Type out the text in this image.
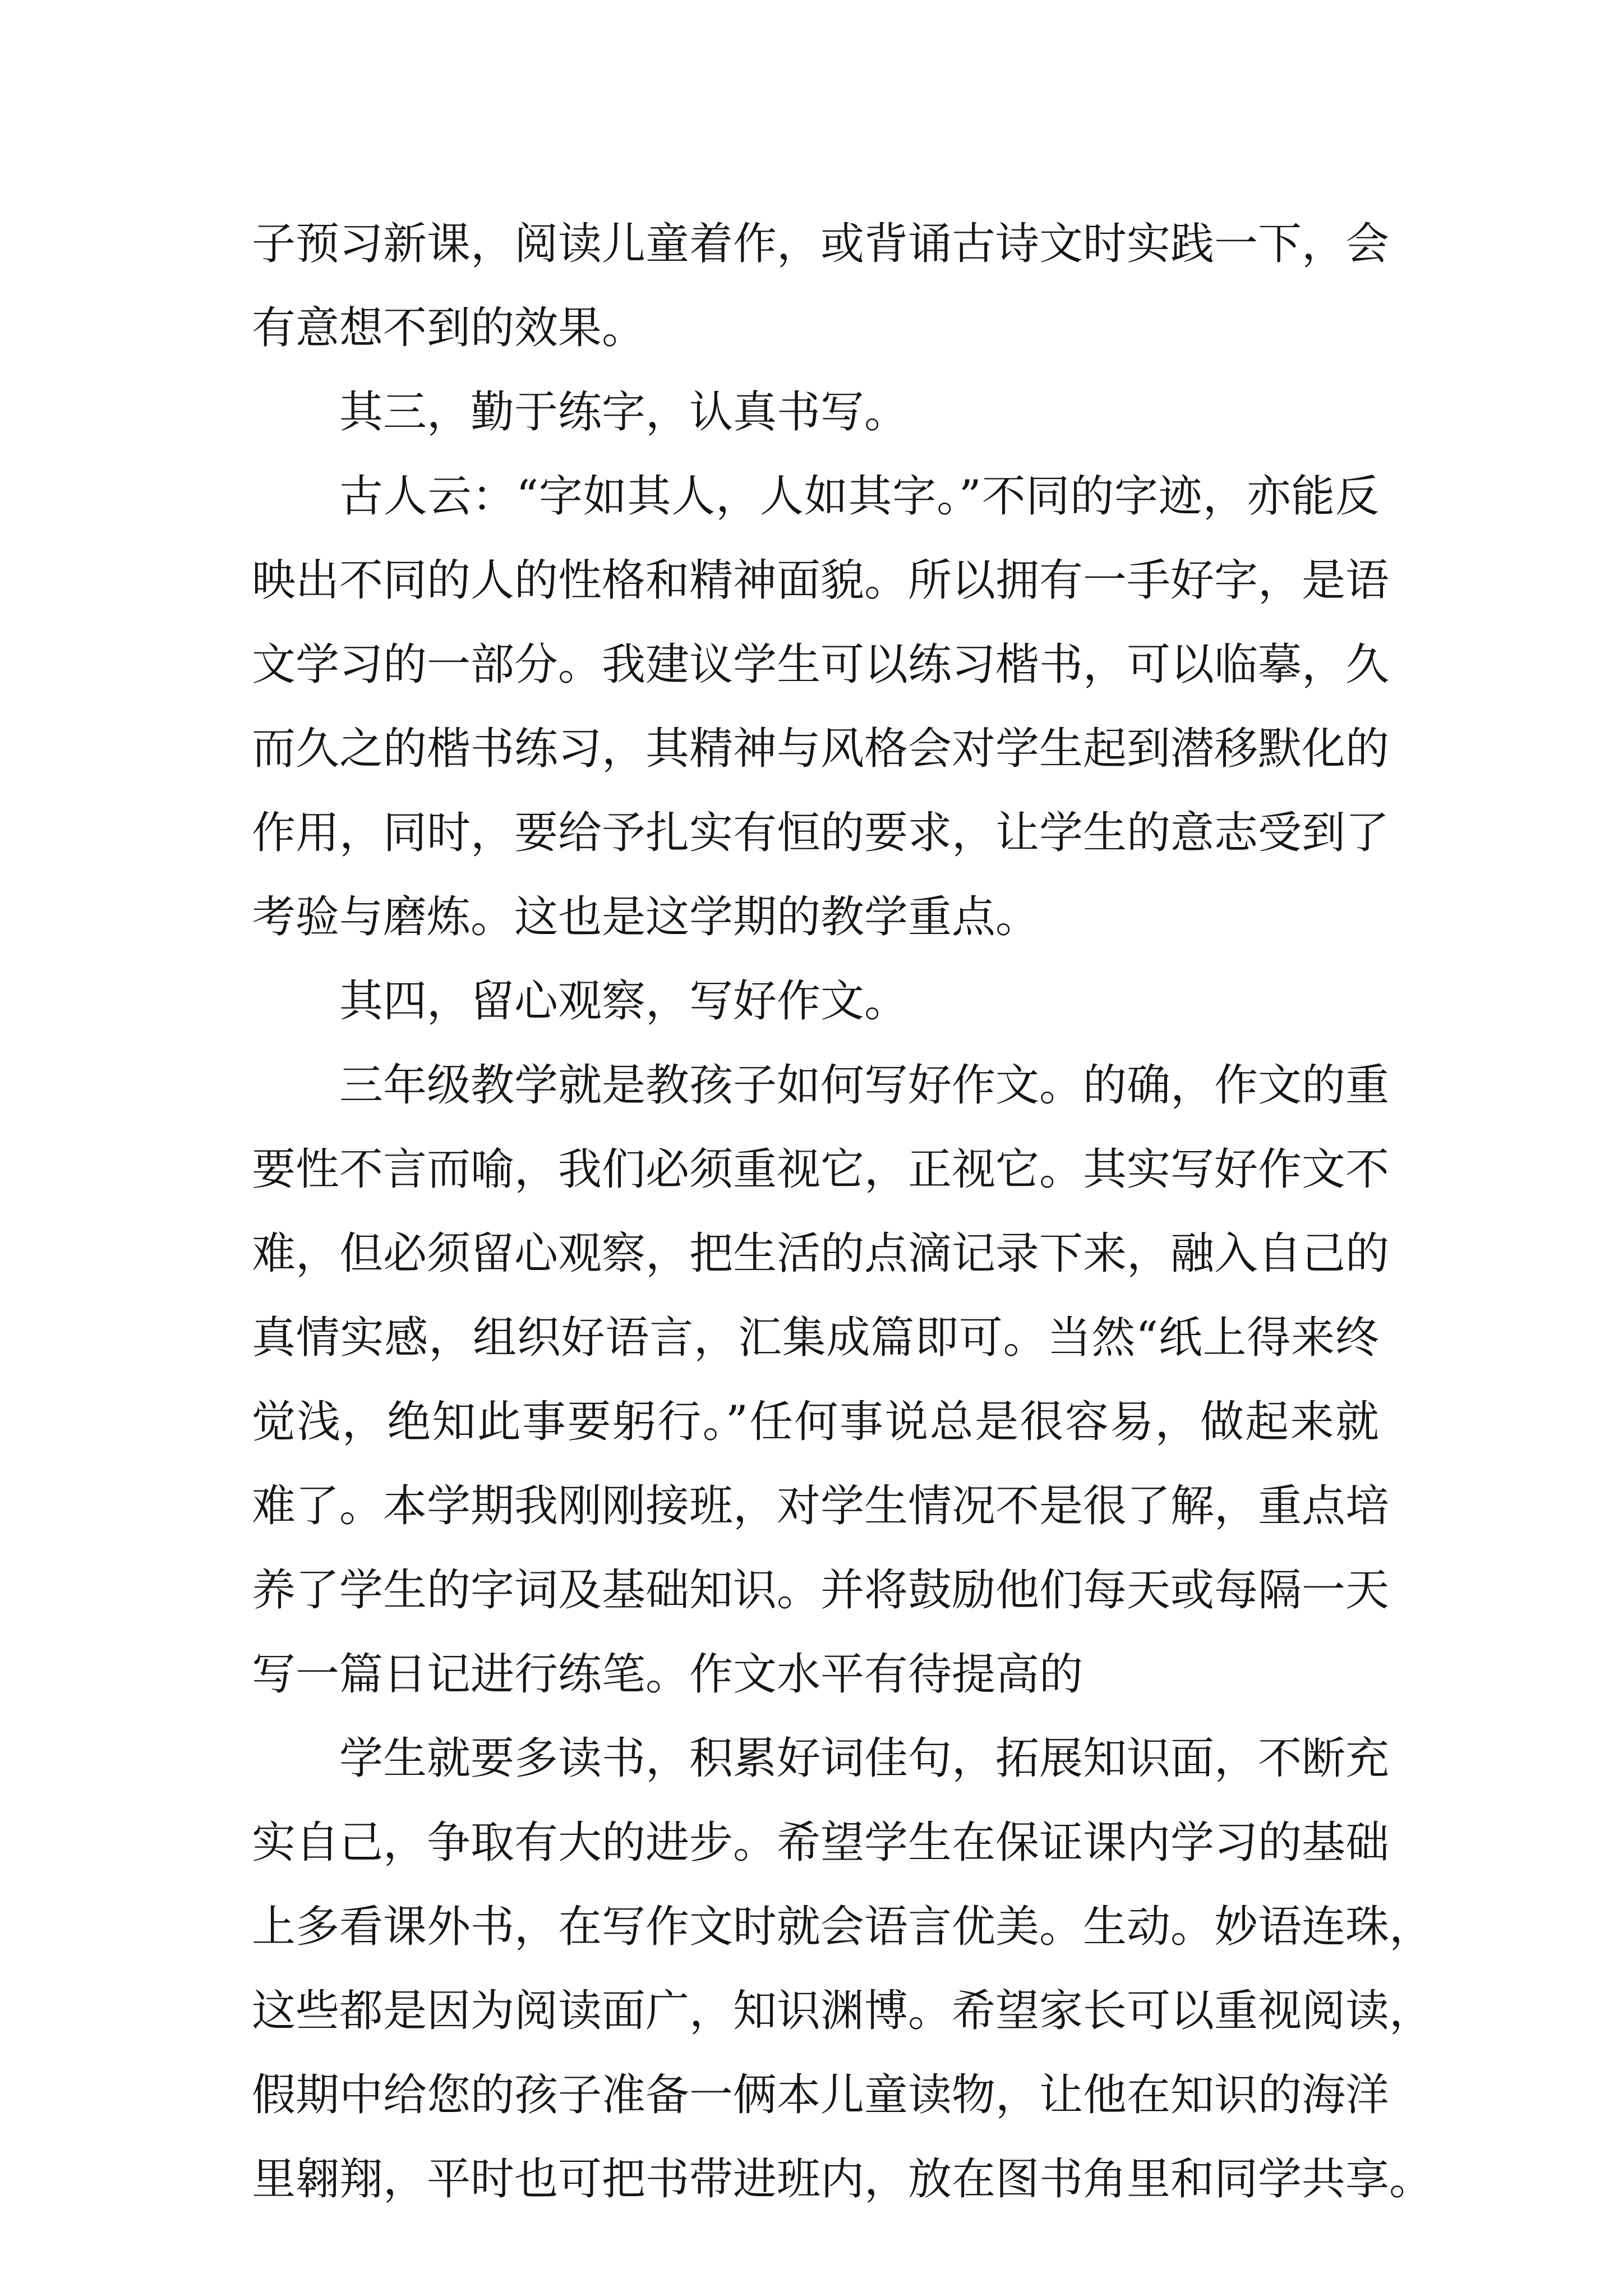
子预习新课，阅读儿童着作，或背诵古诗文时实践一下，会
有意想不到的效果。
其三，勤于练字，认真书写。
古人云：“字如其人，人如其字。”不同的字迹，亦能反
映出不同的人的性格和精神面貌。所以拥有一手好字，是语
文学习的一部分。我建议学生可以练习楷书，可以临摹，久
而久之的楷书练习，其精神与风格会对学生起到潜移默化的
作用，同时，要给予扎实有恒的要求，让学生的意志受到了
考验与磨炼。这也是这学期的教学重点。
其四，留心观察，写好作文。
三年级教学就是教孩子如何写好作文。的确，作文的重
要性不言而喻，我们必须重视它，正视它。其实写好作文不
难，但必须留心观察，把生活的点滴记录下来，融入自己的
真情实感，组织好语言，汇集成篇即可。当然“纸上得来终
觉浅，绝知此事要躬行。”任何事说总是很容易，做起来就
难了。本学期我刚刚接班，对学生情况不是很了解，重点培
养了学生的字词及基础知识。并将鼓励他们每天或每隔一天
写一篇日记进行练笔。作文水平有待提高的
学生就要多读书，积累好词佳句，拓展知识面，不断充
实自己，争取有大的进步。希望学生在保证课内学习的基础
上多看课外书，在写作文时就会语言优美。生动。妙语连珠，
这些都是因为阅读面广，知识渊博。希望家长可以重视阅读，
假期中给您的孩子准备一俩本儿童读物，让他在知识的海洋
里翱翔，平时也可把书带进班内，放在图书角里和同学共享。
